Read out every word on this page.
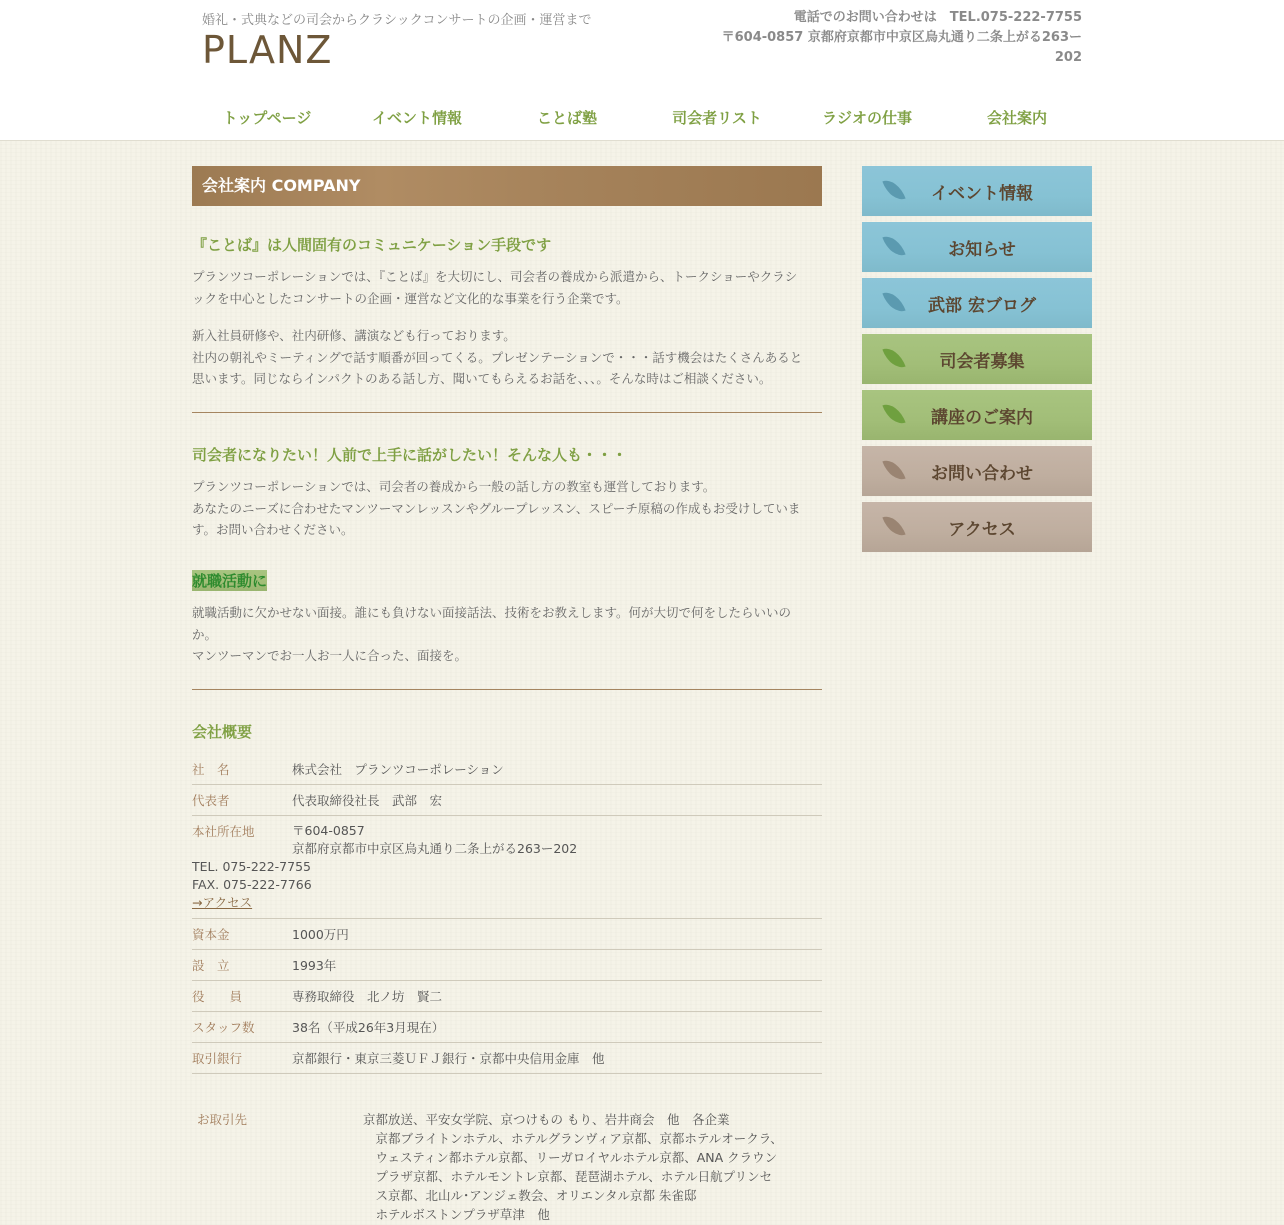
婚礼・式典などの司会からクラシックコンサートの企画・運営まで
PLANZ
電話でのお問い合わせは　TEL.075-222-7755
〒604-0857 京都府京都市中京区烏丸通り二条上がる263ー
202
トップページ	イベント情報	ことば塾	司会者リスト	ラジオの仕事	会社案内
会社案内 COMPANY
『ことば』は人間固有のコミュニケーション手段です
プランツコーポレーションでは、『ことば』を大切にし、司会者の養成から派遣から、トークショーやクラシ
ックを中心としたコンサートの企画・運営など文化的な事業を行う企業です。
新入社員研修や、社内研修、講演なども行っております。
社内の朝礼やミーティングで話す順番が回ってくる。プレゼンテーションで・・・話す機会はたくさんあると
思います。同じならインパクトのある話し方、聞いてもらえるお話を、、、。そんな時はご相談ください。
司会者になりたい！人前で上手に話がしたい！そんな人も・・・
プランツコーポレーションでは、司会者の養成から一般の話し方の教室も運営しております。
あなたのニーズに合わせたマンツーマンレッスンやグループレッスン、スピーチ原稿の作成もお受けしていま
す。お問い合わせください。
就職活動に
就職活動に欠かせない面接。誰にも負けない面接話法、技術をお教えします。何が大切で何をしたらいいの
か。
マンツーマンでお一人お一人に合った、面接を。
会社概要
社　名	株式会社　プランツコーポレーション
代表者	代表取締役社長　武部　宏
本社所在地	〒604-0857
京都府京都市中京区烏丸通り二条上がる263ー202
TEL. 075-222-7755
FAX. 075-222-7766
→アクセス
資本金	1000万円
設　立	1993年
役　　員	専務取締役　北ノ坊　賢二
スタッフ数	38名（平成26年3月現在）
取引銀行	京都銀行・東京三菱ＵＦＪ銀行・京都中央信用金庫　他
お取引先	京都放送、平安女学院、京つけもの もり、岩井商会　他　各企業
　京都ブライトンホテル、ホテルグランヴィア京都、京都ホテルオークラ、
　ウェスティン都ホテル京都、リーガロイヤルホテル京都、ANA クラウン
　プラザ京都、ホテルモントレ京都、琵琶湖ホテル、ホテル日航プリンセ
　ス京都、北山ル･アンジェ教会、オリエンタル京都 朱雀邸
　ホテルボストンプラザ草津　他
イベント情報
お知らせ
武部 宏ブログ
司会者募集
講座のご案内
お問い合わせ
アクセス
